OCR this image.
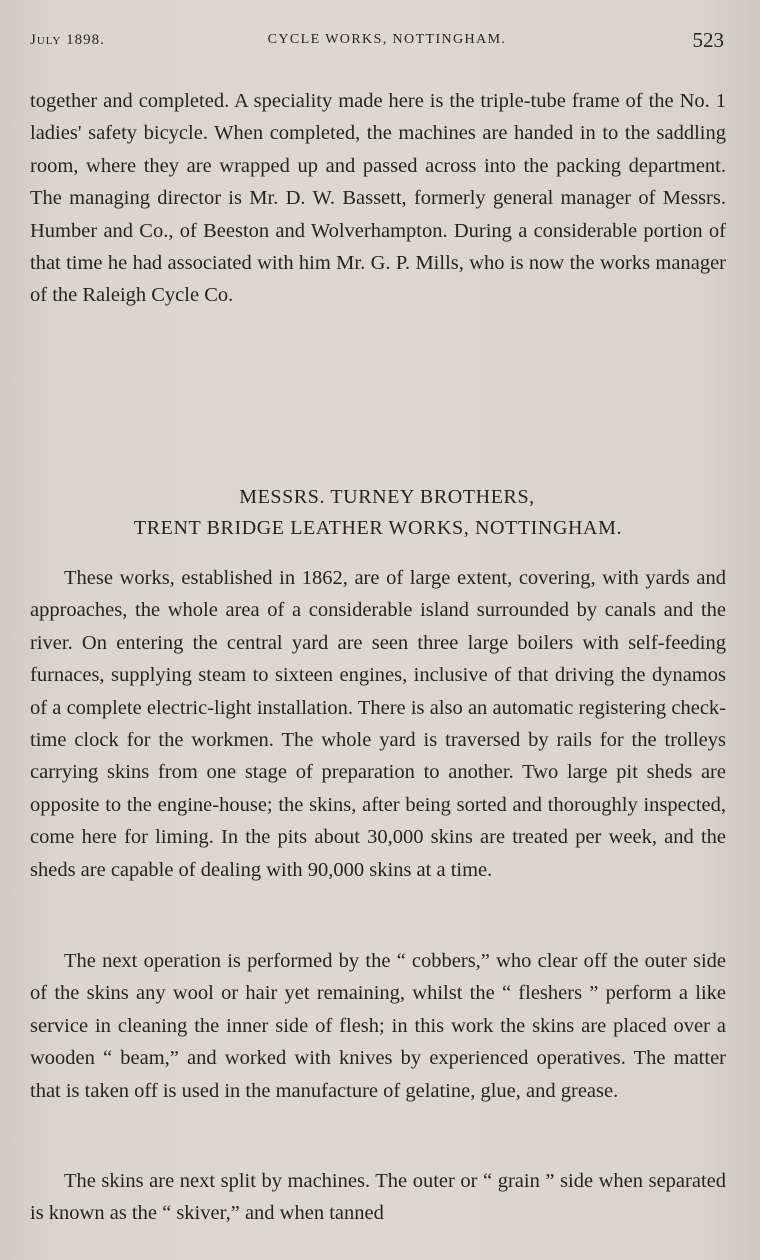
July 1898.	CYCLE WORKS, NOTTINGHAM.	523

together and completed. A speciality made here is the triple-tube frame of the No. 1 ladies' safety bicycle. When completed, the machines are handed in to the saddling room, where they are wrapped up and passed across into the packing department. The managing director is Mr. D. W. Bassett, formerly general manager of Messrs. Humber and Co., of Beeston and Wolverhampton. During a considerable portion of that time he had associated with him Mr. G. P. Mills, who is now the works manager of the Raleigh Cycle Co.

MESSRS. TURNEY BROTHERS,
TRENT BRIDGE LEATHER WORKS, NOTTINGHAM.

These works, established in 1862, are of large extent, covering, with yards and approaches, the whole area of a considerable island surrounded by canals and the river. On entering the central yard are seen three large boilers with self-feeding furnaces, supplying steam to sixteen engines, inclusive of that driving the dynamos of a complete electric-light installation. There is also an automatic registering check-time clock for the workmen. The whole yard is traversed by rails for the trolleys carrying skins from one stage of preparation to another. Two large pit sheds are opposite to the engine-house; the skins, after being sorted and thoroughly inspected, come here for liming. In the pits about 30,000 skins are treated per week, and the sheds are capable of dealing with 90,000 skins at a time.

The next operation is performed by the “ cobbers,” who clear off the outer side of the skins any wool or hair yet remaining, whilst the “ fleshers ” perform a like service in cleaning the inner side of flesh; in this work the skins are placed over a wooden “ beam,” and worked with knives by experienced operatives. The matter that is taken off is used in the manufacture of gelatine, glue, and grease.

The skins are next split by machines. The outer or “ grain ” side when separated is known as the “ skiver,” and when tanned
